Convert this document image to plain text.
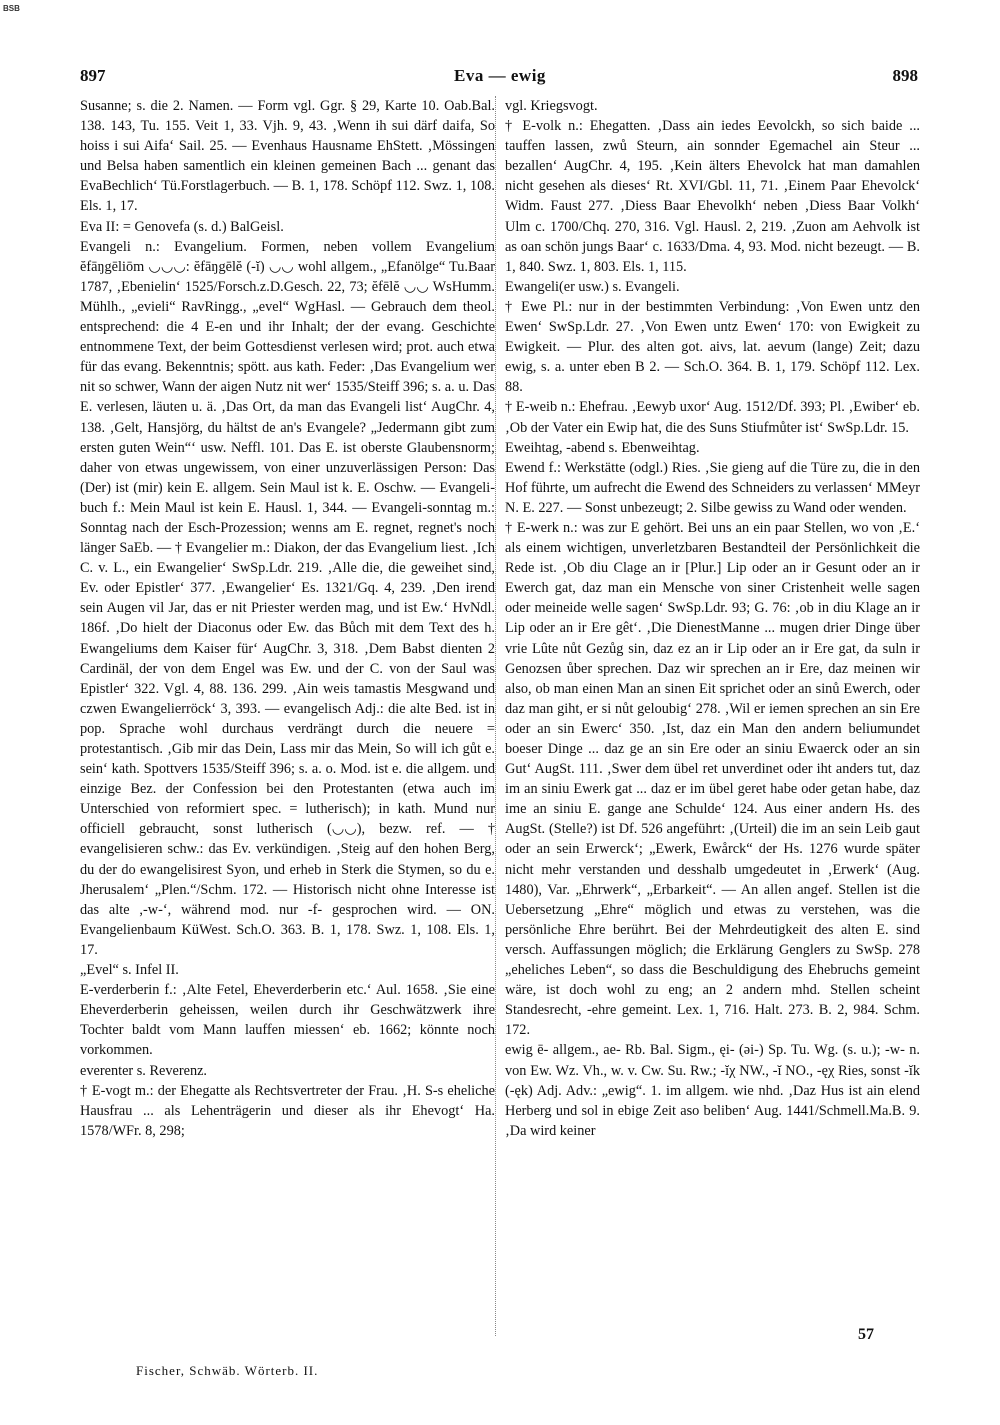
BSB
897	Eva — ewig	898

Susanne; s. die 2. Namen. — Form vgl. Ggr. § 29, Karte 10. Oab.Bal. 138. 143, Tu. 155. Veit 1, 33. Vjh. 9, 43. ‚Wenn ih sui därf daifa, So hoiss i sui Aifa‘ Sail. 25. — Evenhaus Hausname EhStett. ‚Mössingen und Belsa haben samentlich ein kleinen gemeinen Bach ... genant das EvaBechlich‘ Tü.Forstlagerbuch. — B. 1, 178. Schöpf 112. Swz. 1, 108. Els. 1, 17.

Eva II: = Genovefa (s. d.) BalGeisl.

Evangeli n.: Evangelium. Formen, neben vollem Evangelium ĕfāŋgēliōm ◡◡◡: ĕfāŋgēlĕ (-ĭ) ◡◡ wohl allgem., „Efanölge“ Tu.Baar 1787, ‚Ebenielin‘ 1525/Forsch.z.D.Gesch. 22, 73; ĕfēlĕ ◡◡ WsHumm. Mühlh., „evieli“ RavRingg., „evel“ WgHasl. — Gebrauch dem theol. entsprechend: die 4 E-en und ihr Inhalt; der der evang. Geschichte entnommene Text, der beim Gottesdienst verlesen wird; prot. auch etwa für das evang. Bekenntnis; spött. aus kath. Feder: ‚Das Evangelium wer nit so schwer, Wann der aigen Nutz nit wer‘ 1535/Steiff 396; s. a. u. Das E. verlesen, läuten u. ä. ‚Das Ort, da man das Evangeli list‘ AugChr. 4, 138. ‚Gelt, Hansjörg, du hältst de an's Evangele? „Jedermann gibt zum ersten guten Wein“‘ usw. Neffl. 101. Das E. ist oberste Glaubensnorm; daher von etwas ungewissem, von einer unzuverlässigen Person: Das (Der) ist (mir) kein E. allgem. Sein Maul ist k. E. Oschw. — Evangeli-buch f.: Mein Maul ist kein E. Hausl. 1, 344. — Evangeli-sonntag m.: Sonntag nach der Esch-Prozession; wenns am E. regnet, regnet's noch länger SaEb. — † Evangelier m.: Diakon, der das Evangelium liest. ‚Ich C. v. L., ein Ewangelier‘ SwSp.Ldr. 219. ‚Alle die, die geweihet sind, Ev. oder Epistler‘ 377. ‚Ewangelier‘ Es. 1321/Gq. 4, 239. ‚Den irend sein Augen vil Jar, das er nit Priester werden mag, und ist Ew.‘ HvNdl. 186f. ‚Do hielt der Diaconus oder Ew. das Bůch mit dem Text des h. Ewangeliums dem Kaiser für‘ AugChr. 3, 318. ‚Dem Babst dienten 2 Cardinäl, der von dem Engel was Ew. und der C. von der Saul was Epistler‘ 322. Vgl. 4, 88. 136. 299. ‚Ain weis tamastis Mesgwand und czwen Ewangelierröck‘ 3, 393. — evangelisch Adj.: die alte Bed. ist in pop. Sprache wohl durchaus verdrängt durch die neuere = protestantisch. ‚Gib mir das Dein, Lass mir das Mein, So will ich gůt e. sein‘ kath. Spottvers 1535/Steiff 396; s. a. o. Mod. ist e. die allgem. und einzige Bez. der Confession bei den Protestanten (etwa auch im Unterschied von reformiert spec. = lutherisch); in kath. Mund nur officiell gebraucht, sonst lutherisch (◡◡), bezw. ref. — † evangelisieren schw.: das Ev. verkündigen. ‚Steig auf den hohen Berg, du der do ewangelisirest Syon, und erheb in Sterk die Stymen, so du e. Jherusalem‘ „Plen.“/Schm. 172. — Historisch nicht ohne Interesse ist das alte ,-w-‘, während mod. nur -f- gesprochen wird. — ON. Evangelienbaum KüWest. Sch.O. 363. B. 1, 178. Swz. 1, 108. Els. 1, 17.

„Evel“ s. Infel II.

E-verderberin f.: ‚Alte Fetel, Eheverderberin etc.‘ Aul. 1658. ‚Sie eine Eheverderberin geheissen, weilen durch ihr Geschwätzwerk ihre Tochter baldt vom Mann lauffen miessen‘ eb. 1662; könnte noch vorkommen.

everenter s. Reverenz.

† E-vogt m.: der Ehegatte als Rechtsvertreter der Frau. ‚H. S-s eheliche Hausfrau ... als Lehenträgerin und dieser als ihr Ehevogt‘ Ha. 1578/WFr. 8, 298;

vgl. Kriegsvogt.

† E-volk n.: Ehegatten. ‚Dass ain iedes Eevolckh, so sich baide ... tauffen lassen, zwů Steurn, ain sonnder Egemachel ain Steur ... bezallen‘ AugChr. 4, 195. ‚Kein älters Ehevolck hat man damahlen nicht gesehen als dieses‘ Rt. XVI/Gbl. 11, 71. ‚Einem Paar Ehevolck‘ Widm. Faust 277. ‚Diess Baar Ehevolkh‘ neben ‚Diess Baar Volkh‘ Ulm c. 1700/Chq. 270, 316. Vgl. Hausl. 2, 219. ‚Zuon am Aehvolk ist as oan schön jungs Baar‘ c. 1633/Dma. 4, 93. Mod. nicht bezeugt. — B. 1, 840. Swz. 1, 803. Els. 1, 115.

Ewangeli(er usw.) s. Evangeli.

† Ewe Pl.: nur in der bestimmten Verbindung: ‚Von Ewen untz den Ewen‘ SwSp.Ldr. 27. ‚Von Ewen untz Ewen‘ 170: von Ewigkeit zu Ewigkeit. — Plur. des alten got. aivs, lat. aevum (lange) Zeit; dazu ewig, s. a. unter eben B 2. — Sch.O. 364. B. 1, 179. Schöpf 112. Lex. 88.

† E-weib n.: Ehefrau. ‚Eewyb uxor‘ Aug. 1512/Df. 393; Pl. ‚Ewiber‘ eb. ‚Ob der Vater ein Ewip hat, die des Suns Stiufmůter ist‘ SwSp.Ldr. 15.

Eweihtag, -abend s. Ebenweihtag.

Ewend f.: Werkstätte (odgl.) Ries. ‚Sie gieng auf die Türe zu, die in den Hof führte, um aufrecht die Ewend des Schneiders zu verlassen‘ MMeyr N. E. 227. — Sonst unbezeugt; 2. Silbe gewiss zu Wand oder wenden.

† E-werk n.: was zur E gehört. Bei uns an ein paar Stellen, wo von ‚E.‘ als einem wichtigen, unverletzbaren Bestandteil der Persönlichkeit die Rede ist. ‚Ob diu Clage an ir [Plur.] Lip oder an ir Gesunt oder an ir Ewerch gat, daz man ein Mensche von siner Cristenheit welle sagen oder meineide welle sagen‘ SwSp.Ldr. 93; G. 76: ‚ob in diu Klage an ir Lip oder an ir Ere gêt‘. ‚Die DienestManne ... mugen drier Dinge über vrie Lûte nůt Gezůg sin, daz ez an ir Lip oder an ir Ere gat, da suln ir Genozsen ůber sprechen. Daz wir sprechen an ir Ere, daz meinen wir also, ob man einen Man an sinen Eit sprichet oder an sinů Ewerch, oder daz man giht, er si nůt geloubig‘ 278. ‚Wil er iemen sprechen an sin Ere oder an sin Ewerc‘ 350. ‚Ist, daz ein Man den andern beliumundet boeser Dinge ... daz ge an sin Ere oder an siniu Ewaerck oder an sin Gut‘ AugSt. 111. ‚Swer dem übel ret unverdinet oder iht anders tut, daz im an siniu Ewerk gat ... daz er im übel geret habe oder getan habe, daz ime an siniu E. gange ane Schulde‘ 124. Aus einer andern Hs. des AugSt. (Stelle?) ist Df. 526 angeführt: ‚(Urteil) die im an sein Leib gaut oder an sein Erwerck‘; „Ewerk, Ewårck“ der Hs. 1276 wurde später nicht mehr verstanden und desshalb umgedeutet in ‚Erwerk‘ (Aug. 1480), Var. „Ehrwerk“, „Erbarkeit“. — An allen angef. Stellen ist die Uebersetzung „Ehre“ möglich und etwas zu verstehen, was die persönliche Ehre berührt. Bei der Mehrdeutigkeit des alten E. sind versch. Auffassungen möglich; die Erklärung Genglers zu SwSp. 278 „eheliches Leben“, so dass die Beschuldigung des Ehebruchs gemeint wäre, ist doch wohl zu eng; an 2 andern mhd. Stellen scheint Standesrecht, -ehre gemeint. Lex. 1, 716. Halt. 273. B. 2, 984. Schm. 172.

ewig ē- allgem., ae- Rb. Bal. Sigm., ęi- (əi-) Sp. Tu. Wg. (s. u.); -w- n. von Ew. Wz. Vh., w. v. Cw. Su. Rw.; -ĭχ NW., -ĭ NO., -ęχ Ries, sonst -ĭk (-ęk) Adj. Adv.: „ewig“. 1. im allgem. wie nhd. ‚Daz Hus ist ain elend Herberg und sol in ebige Zeit aso beliben‘ Aug. 1441/Schmell.Ma.B. 9. ‚Da wird keiner

Fischer, Schwäb. Wörterb. II.
57
